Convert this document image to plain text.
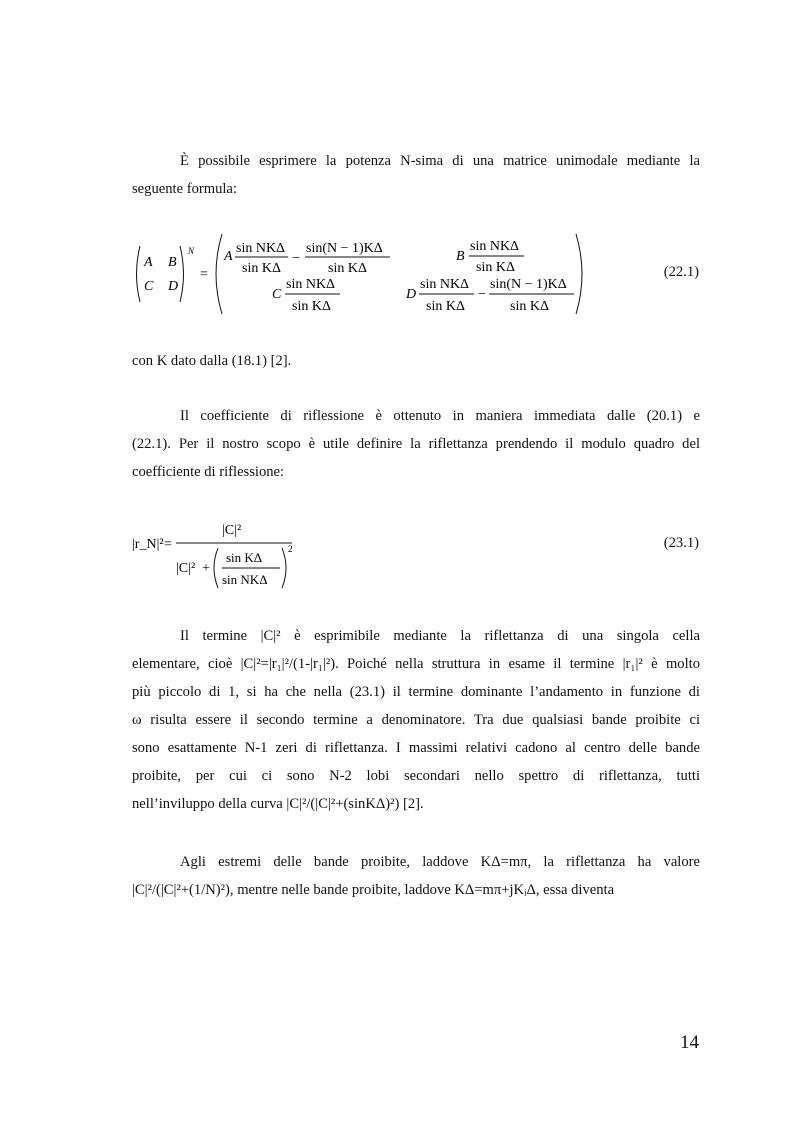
È possibile esprimere la potenza N-sima di una matrice unimodale mediante la
seguente formula:
A B
C D
N
=
A
sin NKΔ
sin KΔ
−
sin(N − 1)KΔ
sin KΔ
B
sin NKΔ
sin KΔ
C
sin NKΔ
sin KΔ
D
sin NKΔ
sin KΔ
−
sin(N − 1)KΔ
sin KΔ
(22.1)
con K dato dalla (18.1) [2].
Il coefficiente di riflessione è ottenuto in maniera immediata dalle (20.1) e
(22.1). Per il nostro scopo è utile definire la riflettanza prendendo il modulo quadro del
coefficiente di riflessione:
|r_N|² =
|C|²
|C|² +
sin KΔ
sin NKΔ
2	(23.1)
Il termine |C|² è esprimibile mediante la riflettanza di una singola cella
elementare, cioè |C|²=|r₁|²/(1-|r₁|²). Poiché nella struttura in esame il termine |r₁|² è molto
più piccolo di 1, si ha che nella (23.1) il termine dominante l’andamento in funzione di
ω risulta essere il secondo termine a denominatore. Tra due qualsiasi bande proibite ci
sono esattamente N-1 zeri di riflettanza. I massimi relativi cadono al centro delle bande
proibite, per cui ci sono N-2 lobi secondari nello spettro di riflettanza, tutti
nell’inviluppo della curva |C|²/(|C|²+(sinKΔ)²) [2].
Agli estremi delle bande proibite, laddove KΔ=mπ, la riflettanza ha valore
|C|²/(|C|²+(1/N)²), mentre nelle bande proibite, laddove KΔ=mπ+jKᵢΔ, essa diventa
14
